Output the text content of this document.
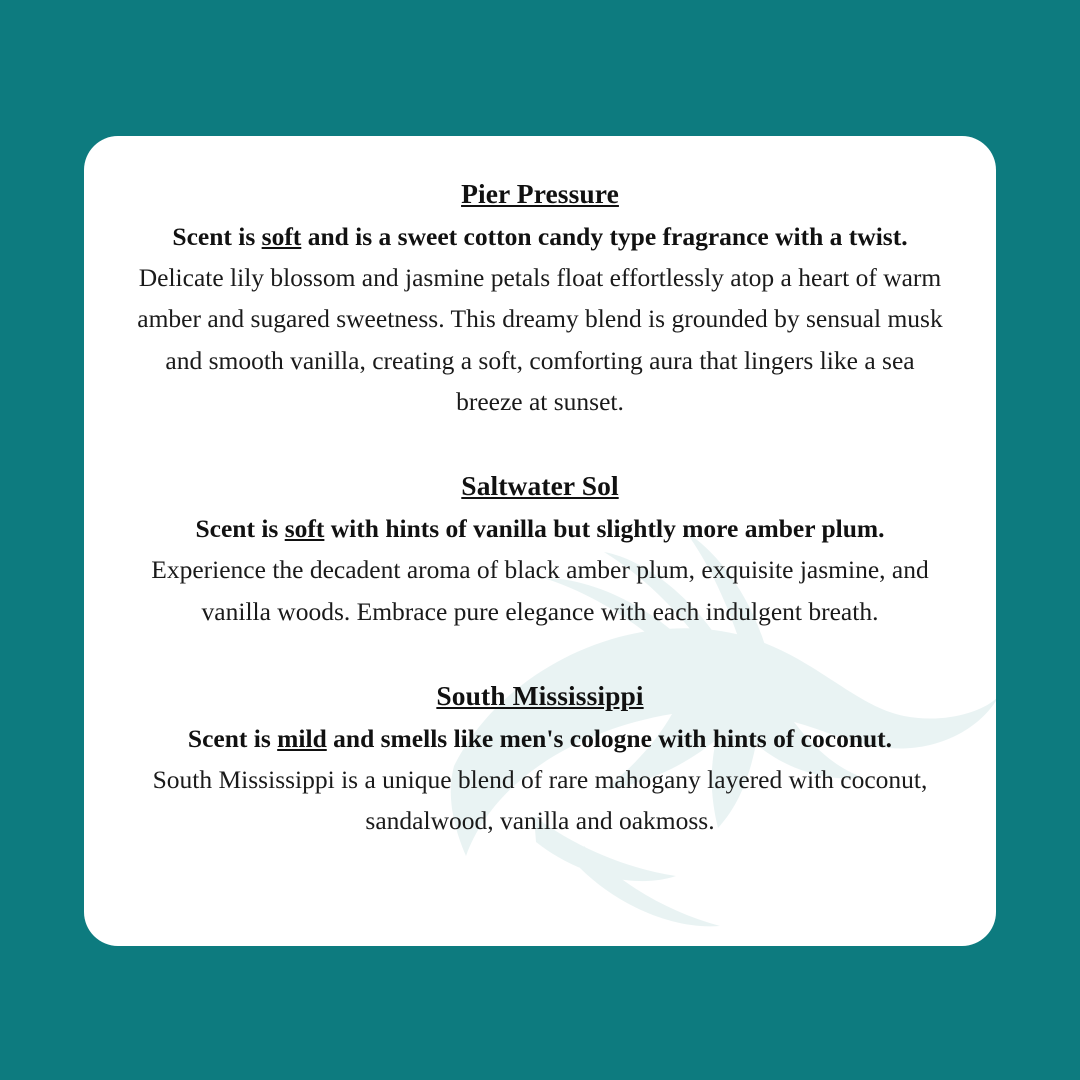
Pier Pressure
Scent is soft and is a sweet cotton candy type fragrance with a twist.
Delicate lily blossom and jasmine petals float effortlessly atop a heart of warm amber and sugared sweetness. This dreamy blend is grounded by sensual musk and smooth vanilla, creating a soft, comforting aura that lingers like a sea breeze at sunset.
Saltwater Sol
Scent is soft with hints of vanilla but slightly more amber plum.
Experience the decadent aroma of black amber plum, exquisite jasmine, and vanilla woods. Embrace pure elegance with each indulgent breath.
South Mississippi
Scent is mild and smells like men's cologne with hints of coconut.
South Mississippi is a unique blend of rare mahogany layered with coconut, sandalwood, vanilla and oakmoss.
